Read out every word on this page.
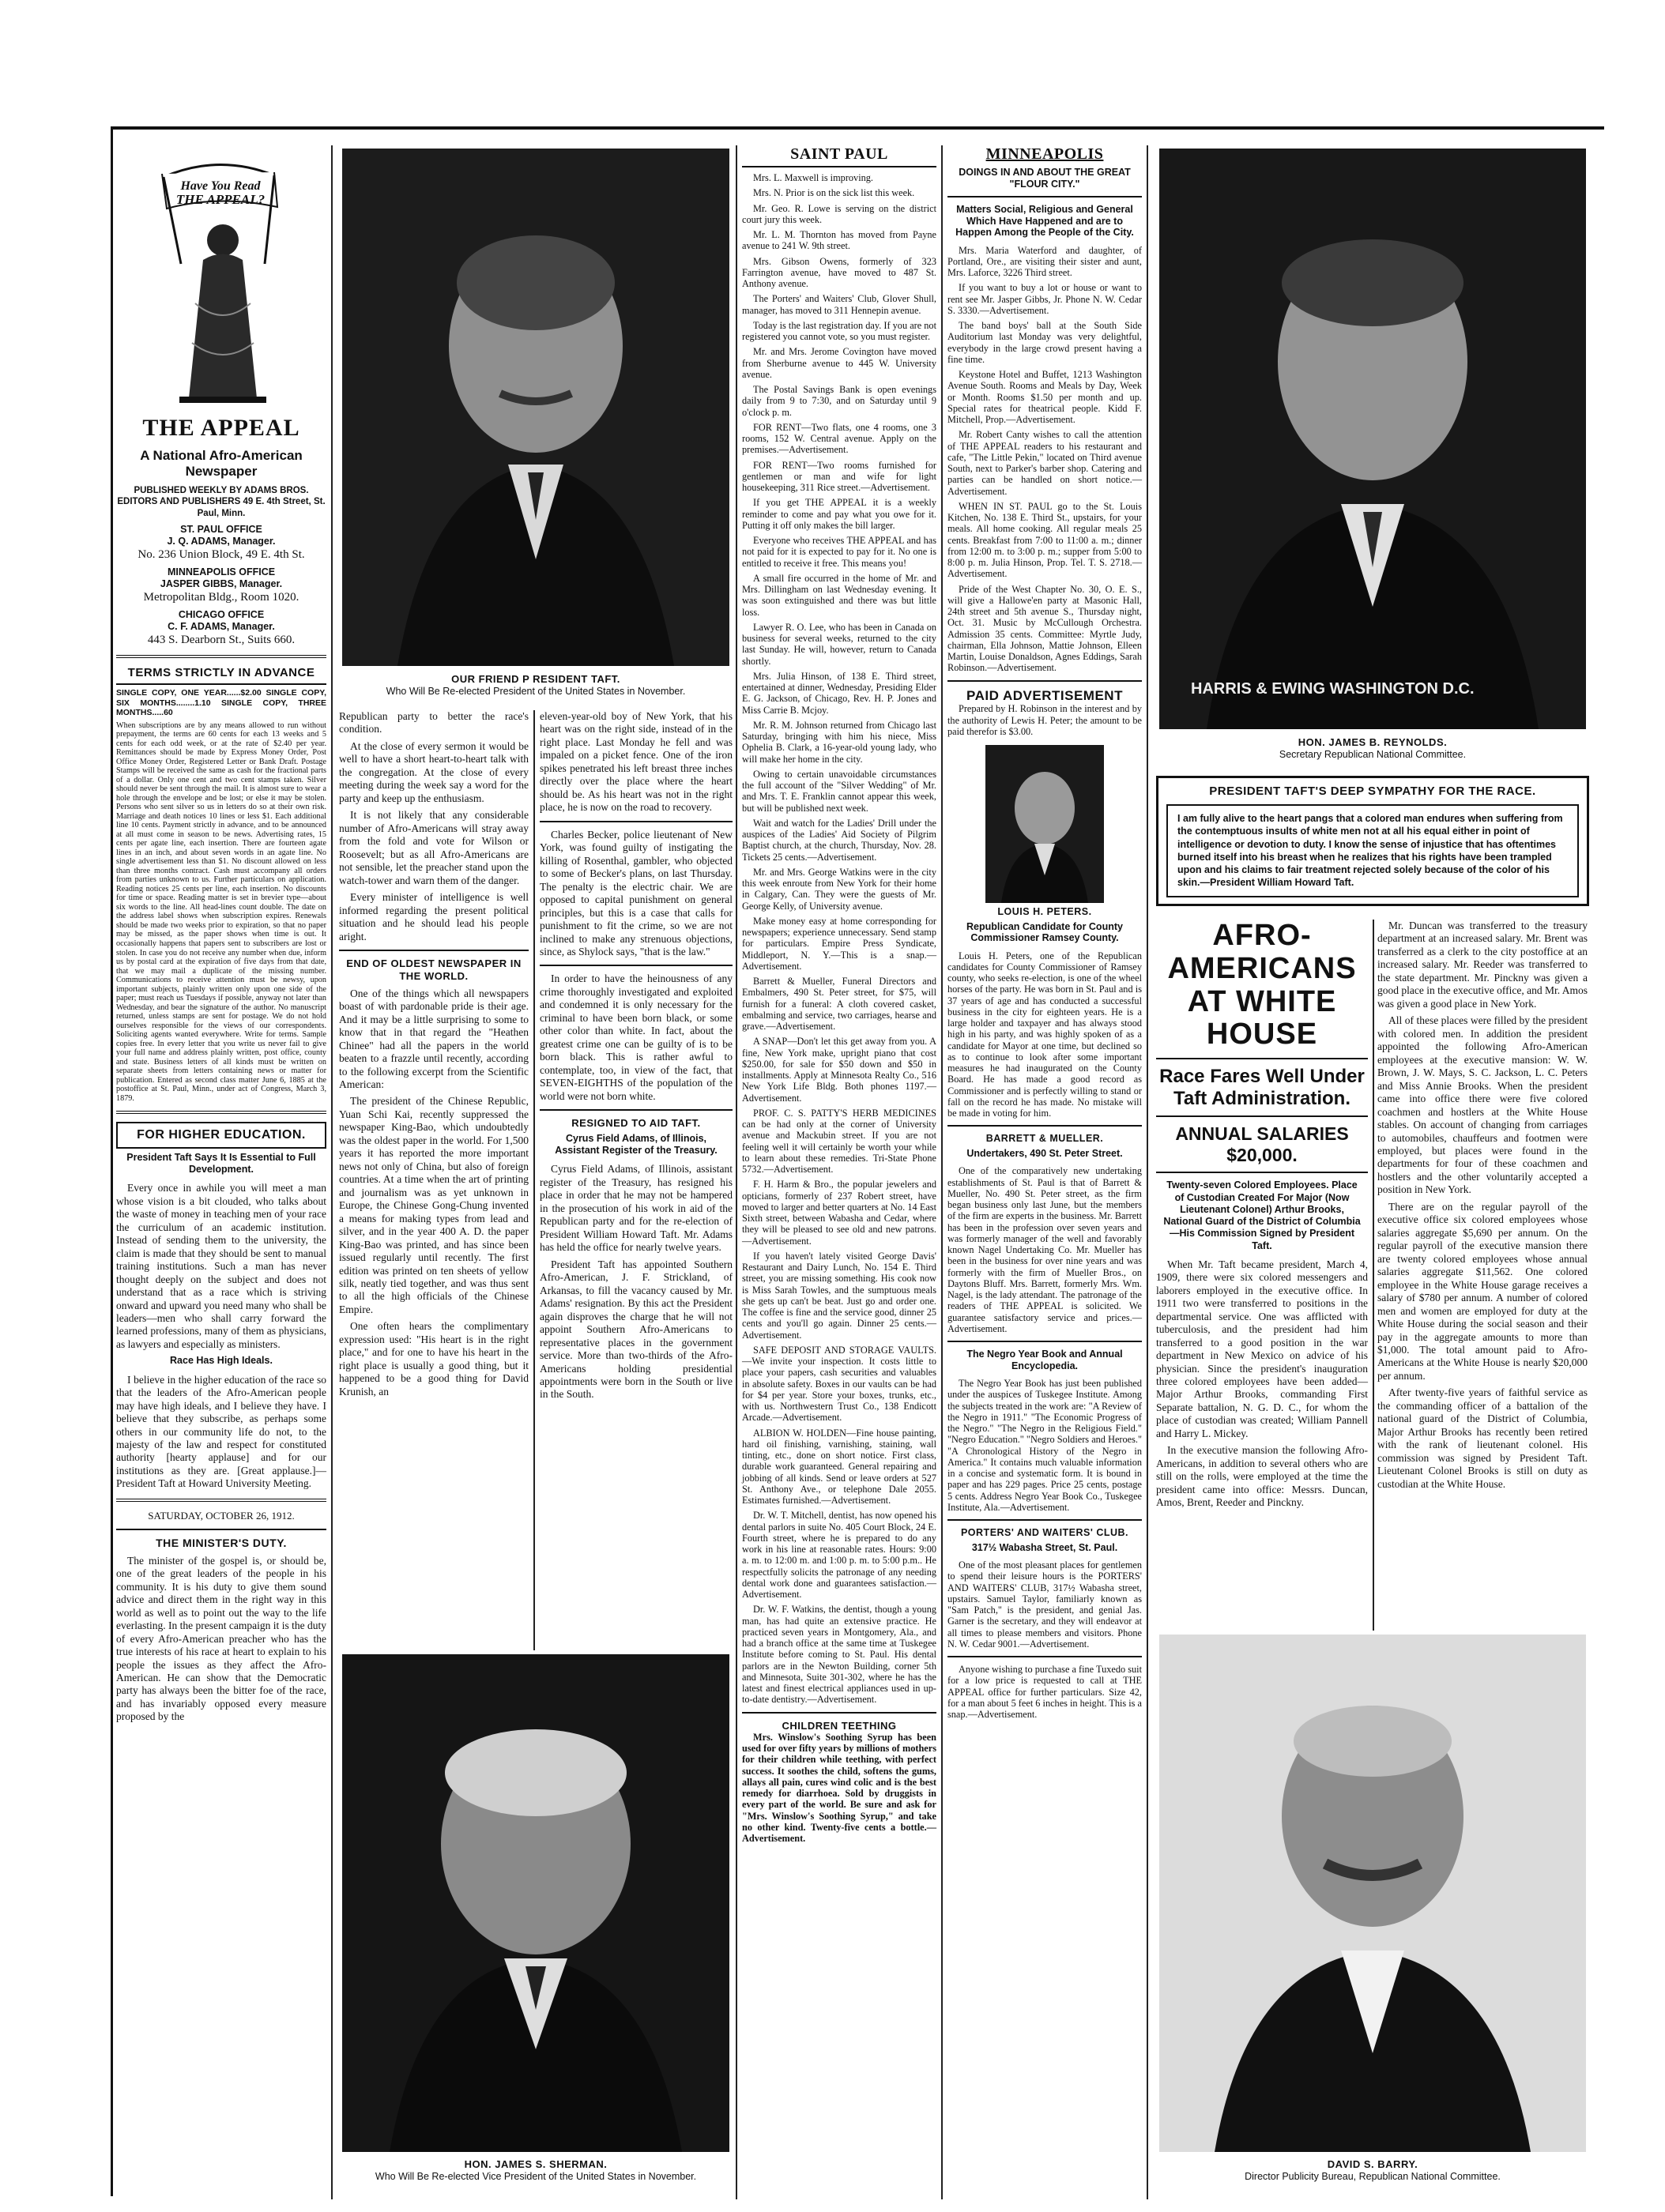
Have You Read
THE APPEAL?
THE APPEAL
A National Afro-American Newspaper
PUBLISHED WEEKLY BY ADAMS BROS. EDITORS AND PUBLISHERS 49 E. 4th Street, St. Paul, Minn.
ST. PAUL OFFICE
J. Q. ADAMS, Manager.
No. 236 Union Block, 49 E. 4th St.
MINNEAPOLIS OFFICE
JASPER GIBBS, Manager.
Metropolitan Bldg., Room 1020.
CHICAGO OFFICE
C. F. ADAMS, Manager.
443 S. Dearborn St., Suits 660.
TERMS STRICTLY IN ADVANCE
SINGLE COPY, ONE YEAR......$2.00 SINGLE COPY, SIX MONTHS........1.10 SINGLE COPY, THREE MONTHS.....60
When subscriptions are by any means allowed to run without prepayment, the terms are 60 cents for each 13 weeks and 5 cents for each odd week, or at the rate of $2.40 per year. Remittances should be made by Express Money Order, Post Office Money Order, Registered Letter or Bank Draft. Postage Stamps will be received the same as cash for the fractional parts of a dollar. Only one cent and two cent stamps taken. Silver should never be sent through the mail. It is almost sure to wear a hole through the envelope and be lost; or else it may be stolen. Persons who sent silver so us in letters do so at their own risk. Marriage and death notices 10 lines or less $1. Each additional line 10 cents. Payment strictly in advance, and to be announced at all must come in season to be news. Advertising rates, 15 cents per agate line, each insertion. There are fourteen agate lines in an inch, and about seven words in an agate line. No single advertisement less than $1. No discount allowed on less than three months contract. Cash must accompany all orders from parties unknown to us. Further particulars on application. Reading notices 25 cents per line, each insertion. No discounts for time or space. Reading matter is set in brevier type—about six words to the line. All head-lines count double. The date on the address label shows when subscription expires. Renewals should be made two weeks prior to expiration, so that no paper may be missed, as the paper shows when time is out. It occasionally happens that papers sent to subscribers are lost or stolen. In case you do not receive any number when due, inform us by postal card at the expiration of five days from that date, that we may mail a duplicate of the missing number. Communications to receive attention must be newsy, upon important subjects, plainly written only upon one side of the paper; must reach us Tuesdays if possible, anyway not later than Wednesday, and bear the signature of the author. No manuscript returned, unless stamps are sent for postage. We do not hold ourselves responsible for the views of our correspondents. Soliciting agents wanted everywhere. Write for terms. Sample copies free. In every letter that you write us never fail to give your full name and address plainly written, post office, county and state. Business letters of all kinds must be written on separate sheets from letters containing news or matter for publication. Entered as second class matter June 6, 1885 at the postoffice at St. Paul, Minn., under act of Congress, March 3, 1879.
FOR HIGHER EDUCATION.
President Taft Says It Is Essential to Full Development.

Every once in awhile you will meet a man whose vision is a bit clouded, who talks about the waste of money in teaching men of your race the curriculum of an academic institution. Instead of sending them to the university, the claim is made that they should be sent to manual training institutions. Such a man has never thought deeply on the subject and does not understand that as a race which is striving onward and upward you need many who shall be leaders—men who shall carry forward the learned professions, many of them as physicians, as lawyers and especially as ministers.

Race Has High Ideals.

I believe in the higher education of the race so that the leaders of the Afro-American people may have high ideals, and I believe they have. I believe that they subscribe, as perhaps some others in our community life do not, to the majesty of the law and respect for constituted authority [hearty applause] and for our institutions as they are. [Great applause.]—President Taft at Howard University Meeting.

SATURDAY, OCTOBER 26, 1912.
THE MINISTER'S DUTY.

The minister of the gospel is, or should be, one of the great leaders of the people in his community. It is his duty to give them sound advice and direct them in the right way in this world as well as to point out the way to the life everlasting. In the present campaign it is the duty of every Afro-American preacher who has the true interests of his race at heart to explain to his people the issues as they affect the Afro-American. He can show that the Democratic party has always been the bitter foe of the race, and has invariably opposed every measure proposed by the

OUR FRIEND P RESIDENT TAFT.
Who Will Be Re-elected President of the United States in November.

Republican party to better the race's condition.

At the close of every sermon it would be well to have a short heart-to-heart talk with the congregation. At the close of every meeting during the week say a word for the party and keep up the enthusiasm.

It is not likely that any considerable number of Afro-Americans will stray away from the fold and vote for Wilson or Roosevelt; but as all Afro-Americans are not sensible, let the preacher stand upon the watch-tower and warn them of the danger.

Every minister of intelligence is well informed regarding the present political situation and he should lead his people aright.

END OF OLDEST NEWSPAPER IN THE WORLD.

One of the things which all newspapers boast of with pardonable pride is their age. And it may be a little surprising to some to know that in that regard the "Heathen Chinee" had all the papers in the world beaten to a frazzle until recently, according to the following excerpt from the Scientific American:

The president of the Chinese Republic, Yuan Schi Kai, recently suppressed the newspaper King-Bao, which undoubtedly was the oldest paper in the world. For 1,500 years it has reported the more important news not only of China, but also of foreign countries. At a time when the art of printing and journalism was as yet unknown in Europe, the Chinese Gong-Chung invented a means for making types from lead and silver, and in the year 400 A. D. the paper King-Bao was printed, and has since been issued regularly until recently. The first edition was printed on ten sheets of yellow silk, neatly tied together, and was thus sent to all the high officials of the Chinese Empire.

One often hears the complimentary expression used: "His heart is in the right place," and for one to have his heart in the right place is usually a good thing, but it happened to be a good thing for David Krunish, an

eleven-year-old boy of New York, that his heart was on the right side, instead of in the right place. Last Monday he fell and was impaled on a picket fence. One of the iron spikes penetrated his left breast three inches directly over the place where the heart should be. As his heart was not in the right place, he is now on the road to recovery.

Charles Becker, police lieutenant of New York, was found guilty of instigating the killing of Rosenthal, gambler, who objected to some of Becker's plans, on last Thursday. The penalty is the electric chair. We are opposed to capital punishment on general principles, but this is a case that calls for punishment to fit the crime, so we are not inclined to make any strenuous objections, since, as Shylock says, "that is the law."

In order to have the heinousness of any crime thoroughly investigated and exploited and condemned it is only necessary for the criminal to have been born black, or some other color than white. In fact, about the greatest crime one can be guilty of is to be born black. This is rather awful to contemplate, too, in view of the fact, that SEVEN-EIGHTHS of the population of the world were not born white.

RESIGNED TO AID TAFT.
Cyrus Field Adams, of Illinois, Assistant Register of the Treasury.

Cyrus Field Adams, of Illinois, assistant register of the Treasury, has resigned his place in order that he may not be hampered in the prosecution of his work in aid of the Republican party and for the re-election of President William Howard Taft. Mr. Adams has held the office for nearly twelve years.

President Taft has appointed Southern Afro-American, J. F. Strickland, of Arkansas, to fill the vacancy caused by Mr. Adams' resignation. By this act the President again disproves the charge that he will not appoint Southern Afro-Americans to representative places in the government service. More than two-thirds of the Afro-Americans holding presidential appointments were born in the South or live in the South.

HON. JAMES S. SHERMAN.
Who Will Be Re-elected Vice President of the United States in November.
SAINT PAUL

Mrs. L. Maxwell is improving.

Mrs. N. Prior is on the sick list this week.

Mr. Geo. R. Lowe is serving on the district court jury this week.

Mr. L. M. Thornton has moved from Payne avenue to 241 W. 9th street.

Mrs. Gibson Owens, formerly of 323 Farrington avenue, have moved to 487 St. Anthony avenue.

The Porters' and Waiters' Club, Glover Shull, manager, has moved to 311 Hennepin avenue.

Today is the last registration day. If you are not registered you cannot vote, so you must register.

Mr. and Mrs. Jerome Covington have moved from Sherburne avenue to 445 W. University avenue.

The Postal Savings Bank is open evenings daily from 9 to 7:30, and on Saturday until 9 o'clock p. m.

FOR RENT—Two flats, one 4 rooms, one 3 rooms, 152 W. Central avenue. Apply on the premises.—Advertisement.

FOR RENT—Two rooms furnished for gentlemen or man and wife for light housekeeping, 311 Rice street.—Advertisement.

If you get THE APPEAL it is a weekly reminder to come and pay what you owe for it. Putting it off only makes the bill larger.

Everyone who receives THE APPEAL and has not paid for it is expected to pay for it. No one is entitled to receive it free. This means you!

A small fire occurred in the home of Mr. and Mrs. Dillingham on last Wednesday evening. It was soon extinguished and there was but little loss.

Lawyer R. O. Lee, who has been in Canada on business for several weeks, returned to the city last Sunday. He will, however, return to Canada shortly.

Mrs. Julia Hinson, of 138 E. Third street, entertained at dinner, Wednesday, Presiding Elder E. G. Jackson, of Chicago, Rev. H. P. Jones and Miss Carrie B. Mcjoy.

Mr. R. M. Johnson returned from Chicago last Saturday, bringing with him his niece, Miss Ophelia B. Clark, a 16-year-old young lady, who will make her home in the city.

Owing to certain unavoidable circumstances the full account of the "Silver Wedding" of Mr. and Mrs. T. E. Franklin cannot appear this week, but will be published next week.

Wait and watch for the Ladies' Drill under the auspices of the Ladies' Aid Society of Pilgrim Baptist church, at the church, Thursday, Nov. 28. Tickets 25 cents.—Advertisement.

Mr. and Mrs. George Watkins were in the city this week enroute from New York for their home in Calgary, Can. They were the guests of Mr. George Kelly, of University avenue.

Make money easy at home corresponding for newspapers; experience unnecessary. Send stamp for particulars. Empire Press Syndicate, Middleport, N. Y.—This is a snap.—Advertisement.

Barrett & Mueller, Funeral Directors and Embalmers, 490 St. Peter street, for $75, will furnish for a funeral: A cloth covered casket, embalming and service, two carriages, hearse and grave.—Advertisement.

A SNAP—Don't let this get away from you. A fine, New York make, upright piano that cost $250.00, for sale for $50 down and $50 in installments. Apply at Minnesota Realty Co., 516 New York Life Bldg. Both phones 1197.—Advertisement.

PROF. C. S. PATTY'S HERB MEDICINES can be had only at the corner of University avenue and Mackubin street. If you are not feeling well it will certainly be worth your while to learn about these remedies. Tri-State Phone 5732.—Advertisement.

F. H. Harm & Bro., the popular jewelers and opticians, formerly of 237 Robert street, have moved to larger and better quarters at No. 14 East Sixth street, between Wabasha and Cedar, where they will be pleased to see old and new patrons.—Advertisement.

If you haven't lately visited George Davis' Restaurant and Dairy Lunch, No. 154 E. Third street, you are missing something. His cook now is Miss Sarah Towles, and the sumptuous meals she gets up can't be beat. Just go and order one. The coffee is fine and the service good, dinner 25 cents and you'll go again. Dinner 25 cents.—Advertisement.

SAFE DEPOSIT AND STORAGE VAULTS.—We invite your inspection. It costs little to place your papers, cash securities and valuables in absolute safety. Boxes in our vaults can be had for $4 per year. Store your boxes, trunks, etc., with us. Northwestern Trust Co., 138 Endicott Arcade.—Advertisement.

ALBION W. HOLDEN—Fine house painting, hard oil finishing, varnishing, staining, wall tinting, etc., done on short notice. First class, durable work guaranteed. General repairing and jobbing of all kinds. Send or leave orders at 527 St. Anthony Ave., or telephone Dale 2055. Estimates furnished.—Advertisement.

Dr. W. T. Mitchell, dentist, has now opened his dental parlors in suite No. 405 Court Block, 24 E. Fourth street, where he is prepared to do any work in his line at reasonable rates. Hours: 9:00 a. m. to 12:00 m. and 1:00 p. m. to 5:00 p.m.. He respectfully solicits the patronage of any needing dental work done and guarantees satisfaction.—Advertisement.

Dr. W. F. Watkins, the dentist, though a young man, has had quite an extensive practice. He practiced seven years in Montgomery, Ala., and had a branch office at the same time at Tuskegee Institute before coming to St. Paul. His dental parlors are in the Newton Building, corner 5th and Minnesota, Suite 301-302, where he has the latest and finest electrical appliances used in up-to-date dentistry.—Advertisement.

CHILDREN TEETHING

Mrs. Winslow's Soothing Syrup has been used for over fifty years by millions of mothers for their children while teething, with perfect success. It soothes the child, softens the gums, allays all pain, cures wind colic and is the best remedy for diarrhoea. Sold by druggists in every part of the world. Be sure and ask for "Mrs. Winslow's Soothing Syrup," and take no other kind. Twenty-five cents a bottle.—Advertisement.

MINNEAPOLIS
DOINGS IN AND ABOUT THE GREAT "FLOUR CITY."
Matters Social, Religious and General Which Have Happened and are to Happen Among the People of the City.

Mrs. Maria Waterford and daughter, of Portland, Ore., are visiting their sister and aunt, Mrs. Laforce, 3226 Third street.

If you want to buy a lot or house or want to rent see Mr. Jasper Gibbs, Jr. Phone N. W. Cedar S. 3330.—Advertisement.

The band boys' ball at the South Side Auditorium last Monday was very delightful, everybody in the large crowd present having a fine time.

Keystone Hotel and Buffet, 1213 Washington Avenue South. Rooms and Meals by Day, Week or Month. Rooms $1.50 per month and up. Special rates for theatrical people. Kidd F. Mitchell, Prop.—Advertisement.

Mr. Robert Canty wishes to call the attention of THE APPEAL readers to his restaurant and cafe, "The Little Pekin," located on Third avenue South, next to Parker's barber shop. Catering and parties can be handled on short notice.—Advertisement.

WHEN IN ST. PAUL go to the St. Louis Kitchen, No. 138 E. Third St., upstairs, for your meals. All home cooking. All regular meals 25 cents. Breakfast from 7:00 to 11:00 a. m.; dinner from 12:00 m. to 3:00 p. m.; supper from 5:00 to 8:00 p. m. Julia Hinson, Prop. Tel. T. S. 2718.—Advertisement.

Pride of the West Chapter No. 30, O. E. S., will give a Hallowe'en party at Masonic Hall, 24th street and 5th avenue S., Thursday night, Oct. 31. Music by McCullough Orchestra. Admission 35 cents. Committee: Myrtle Judy, chairman, Ella Johnson, Mattie Johnson, Elleen Martin, Louise Donaldson, Agnes Eddings, Sarah Robinson.—Advertisement.

PAID ADVERTISEMENT

Prepared by H. Robinson in the interest and by the authority of Lewis H. Peter; the amount to be paid therefor is $3.00.

LOUIS H. PETERS.
Republican Candidate for County Commissioner Ramsey County.

Louis H. Peters, one of the Republican candidates for County Commissioner of Ramsey county, who seeks re-election, is one of the wheel horses of the party. He was born in St. Paul and is 37 years of age and has conducted a successful business in the city for eighteen years. He is a large holder and taxpayer and has always stood high in his party, and was highly spoken of as a candidate for Mayor at one time, but declined so as to continue to look after some important measures he had inaugurated on the County Board. He has made a good record as Commissioner and is perfectly willing to stand or fall on the record he has made. No mistake will be made in voting for him.

BARRETT & MUELLER.
Undertakers, 490 St. Peter Street.

One of the comparatively new undertaking establishments of St. Paul is that of Barrett & Mueller, No. 490 St. Peter street, as the firm began business only last June, but the members of the firm are experts in the business. Mr. Barrett has been in the profession over seven years and was formerly manager of the well and favorably known Nagel Undertaking Co. Mr. Mueller has been in the business for over nine years and was formerly with the firm of Mueller Bros., on Daytons Bluff. Mrs. Barrett, formerly Mrs. Wm. Nagel, is the lady attendant. The patronage of the readers of THE APPEAL is solicited. We guarantee satisfactory service and prices.—Advertisement.

The Negro Year Book and Annual Encyclopedia.

The Negro Year Book has just been published under the auspices of Tuskegee Institute. Among the subjects treated in the work are: "A Review of the Negro in 1911." "The Economic Progress of the Negro." "The Negro in the Religious Field." "Negro Education." "Negro Soldiers and Heroes." "A Chronological History of the Negro in America." It contains much valuable information in a concise and systematic form. It is bound in paper and has 229 pages. Price 25 cents, postage 5 cents. Address Negro Year Book Co., Tuskegee Institute, Ala.—Advertisement.

PORTERS' AND WAITERS' CLUB.
317½ Wabasha Street, St. Paul.

One of the most pleasant places for gentlemen to spend their leisure hours is the PORTERS' AND WAITERS' CLUB, 317½ Wabasha street, upstairs. Samuel Taylor, familiarly known as "Sam Patch," is the president, and genial Jas. Garner is the secretary, and they will endeavor at all times to please members and visitors. Phone N. W. Cedar 9001.—Advertisement.

Anyone wishing to purchase a fine Tuxedo suit for a low price is requested to call at THE APPEAL office for further particulars. Size 42, for a man about 5 feet 6 inches in height. This is a snap.—Advertisement.

HARRIS & EWING WASHINGTON D.C.
HON. JAMES B. REYNOLDS.
Secretary Republican National Committee.
PRESIDENT TAFT'S DEEP SYMPATHY FOR THE RACE.
I am fully alive to the heart pangs that a colored man endures when suffering from the contemptuous insults of white men not at all his equal either in point of intelligence or devotion to duty. I know the sense of injustice that has oftentimes burned itself into his breast when he realizes that his rights have been trampled upon and his claims to fair treatment rejected solely because of the color of his skin.—President William Howard Taft.
AFRO-AMERICANS AT WHITE HOUSE
Race Fares Well Under Taft Administration.
ANNUAL SALARIES $20,000.
Twenty-seven Colored Employees. Place of Custodian Created For Major (Now Lieutenant Colonel) Arthur Brooks, National Guard of the District of Columbia—His Commission Signed by President Taft.

When Mr. Taft became president, March 4, 1909, there were six colored messengers and laborers employed in the executive office. In 1911 two were transferred to positions in the departmental service. One was afflicted with tuberculosis, and the president had him transferred to a good position in the war department in New Mexico on advice of his physician. Since the president's inauguration three colored employees have been added—Major Arthur Brooks, commanding First Separate battalion, N. G. D. C., for whom the place of custodian was created; William Pannell and Harry L. Mickey.

In the executive mansion the following Afro-Americans, in addition to several others who are still on the rolls, were employed at the time the president came into office: Messrs. Duncan, Amos, Brent, Reeder and Pinckny.

Mr. Duncan was transferred to the treasury department at an increased salary. Mr. Brent was transferred as a clerk to the city postoffice at an increased salary. Mr. Reeder was transferred to the state department. Mr. Pinckny was given a good place in the executive office, and Mr. Amos was given a good place in New York.

All of these places were filled by the president with colored men. In addition the president appointed the following Afro-American employees at the executive mansion: W. W. Brown, J. W. Mays, S. C. Jackson, L. C. Peters and Miss Annie Brooks. When the president came into office there were five colored coachmen and hostlers at the White House stables. On account of changing from carriages to automobiles, chauffeurs and footmen were employed, but places were found in the departments for four of these coachmen and hostlers and the other voluntarily accepted a position in New York.

There are on the regular payroll of the executive office six colored employees whose salaries aggregate $5,690 per annum. On the regular payroll of the executive mansion there are twenty colored employees whose annual salaries aggregate $11,562. One colored employee in the White House garage receives a salary of $780 per annum. A number of colored men and women are employed for duty at the White House during the social season and their pay in the aggregate amounts to more than $1,000. The total amount paid to Afro-Americans at the White House is nearly $20,000 per annum.

After twenty-five years of faithful service as the commanding officer of a battalion of the national guard of the District of Columbia, Major Arthur Brooks has recently been retired with the rank of lieutenant colonel. His commission was signed by President Taft. Lieutenant Colonel Brooks is still on duty as custodian at the White House.

DAVID S. BARRY.
Director Publicity Bureau, Republican National Committee.
